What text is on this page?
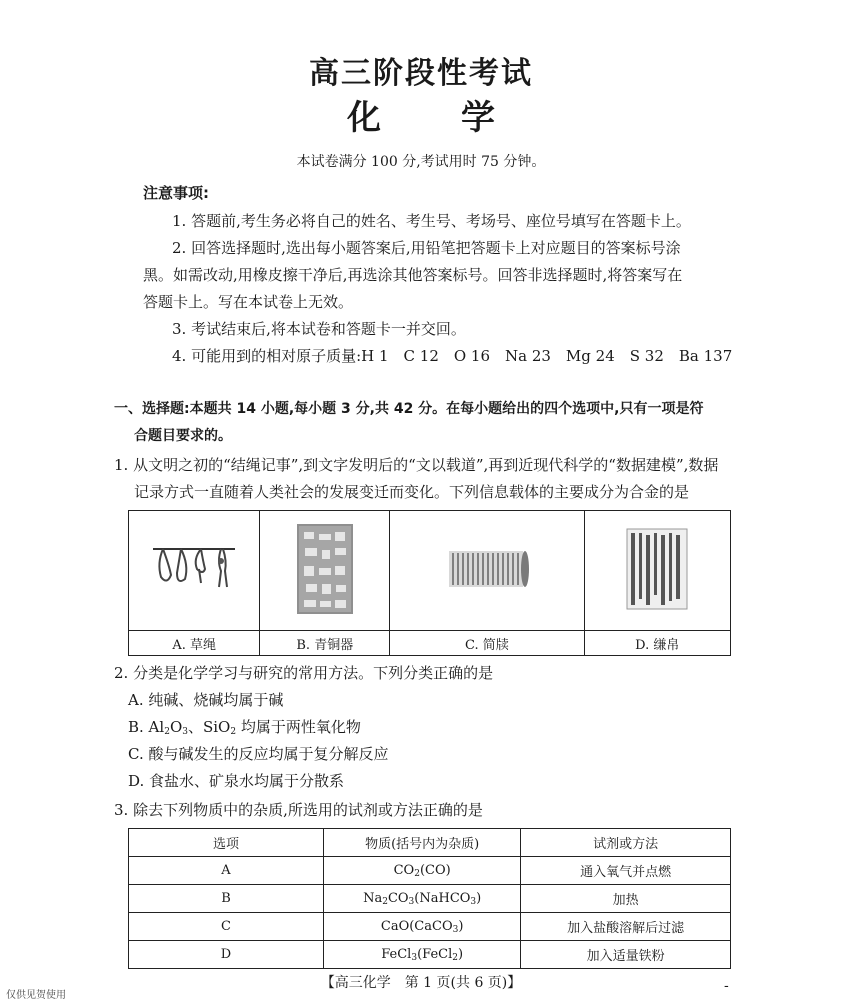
高三阶段性考试
化 学
本试卷满分 100 分,考试用时 75 分钟。
注意事项:
1. 答题前,考生务必将自己的姓名、考生号、考场号、座位号填写在答题卡上。
2. 回答选择题时,选出每小题答案后,用铅笔把答题卡上对应题目的答案标号涂
黑。如需改动,用橡皮擦干净后,再选涂其他答案标号。回答非选择题时,将答案写在
答题卡上。写在本试卷上无效。
3. 考试结束后,将本试卷和答题卡一并交回。
4. 可能用到的相对原子质量:H 1　C 12　O 16　Na 23　Mg 24　S 32　Ba 137
一、选择题:本题共 14 小题,每小题 3 分,共 42 分。在每小题给出的四个选项中,只有一项是符
合题目要求的。
1. 从文明之初的“结绳记事”,到文字发明后的“文以载道”,再到近现代科学的“数据建模”,数据
记录方式一直随着人类社会的发展变迁而变化。下列信息载体的主要成分为合金的是

A. 草绳	B. 青铜器	C. 简牍	D. 缣帛
2. 分类是化学学习与研究的常用方法。下列分类正确的是
A. 纯碱、烧碱均属于碱
B. $Al_2O_3$、SiO$_2$ 均属于两性氧化物
C. 酸与碱发生的反应均属于复分解反应
D. 食盐水、矿泉水均属于分散系
3. 除去下列物质中的杂质,所选用的试剂或方法正确的是
选项	物质(括号内为杂质)	试剂或方法
A	$CO_2(CO)$	通入氧气并点燃
B	$Na_2CO_3(NaHCO_3)$	加热
C	CaO(CaCO$_3$)	加入盐酸溶解后过滤
D	FeCl$_3$(FeCl$_2$)	加入适量铁粉
【高三化学　第 1 页(共 6 页)】
仅供见贺使用
-
